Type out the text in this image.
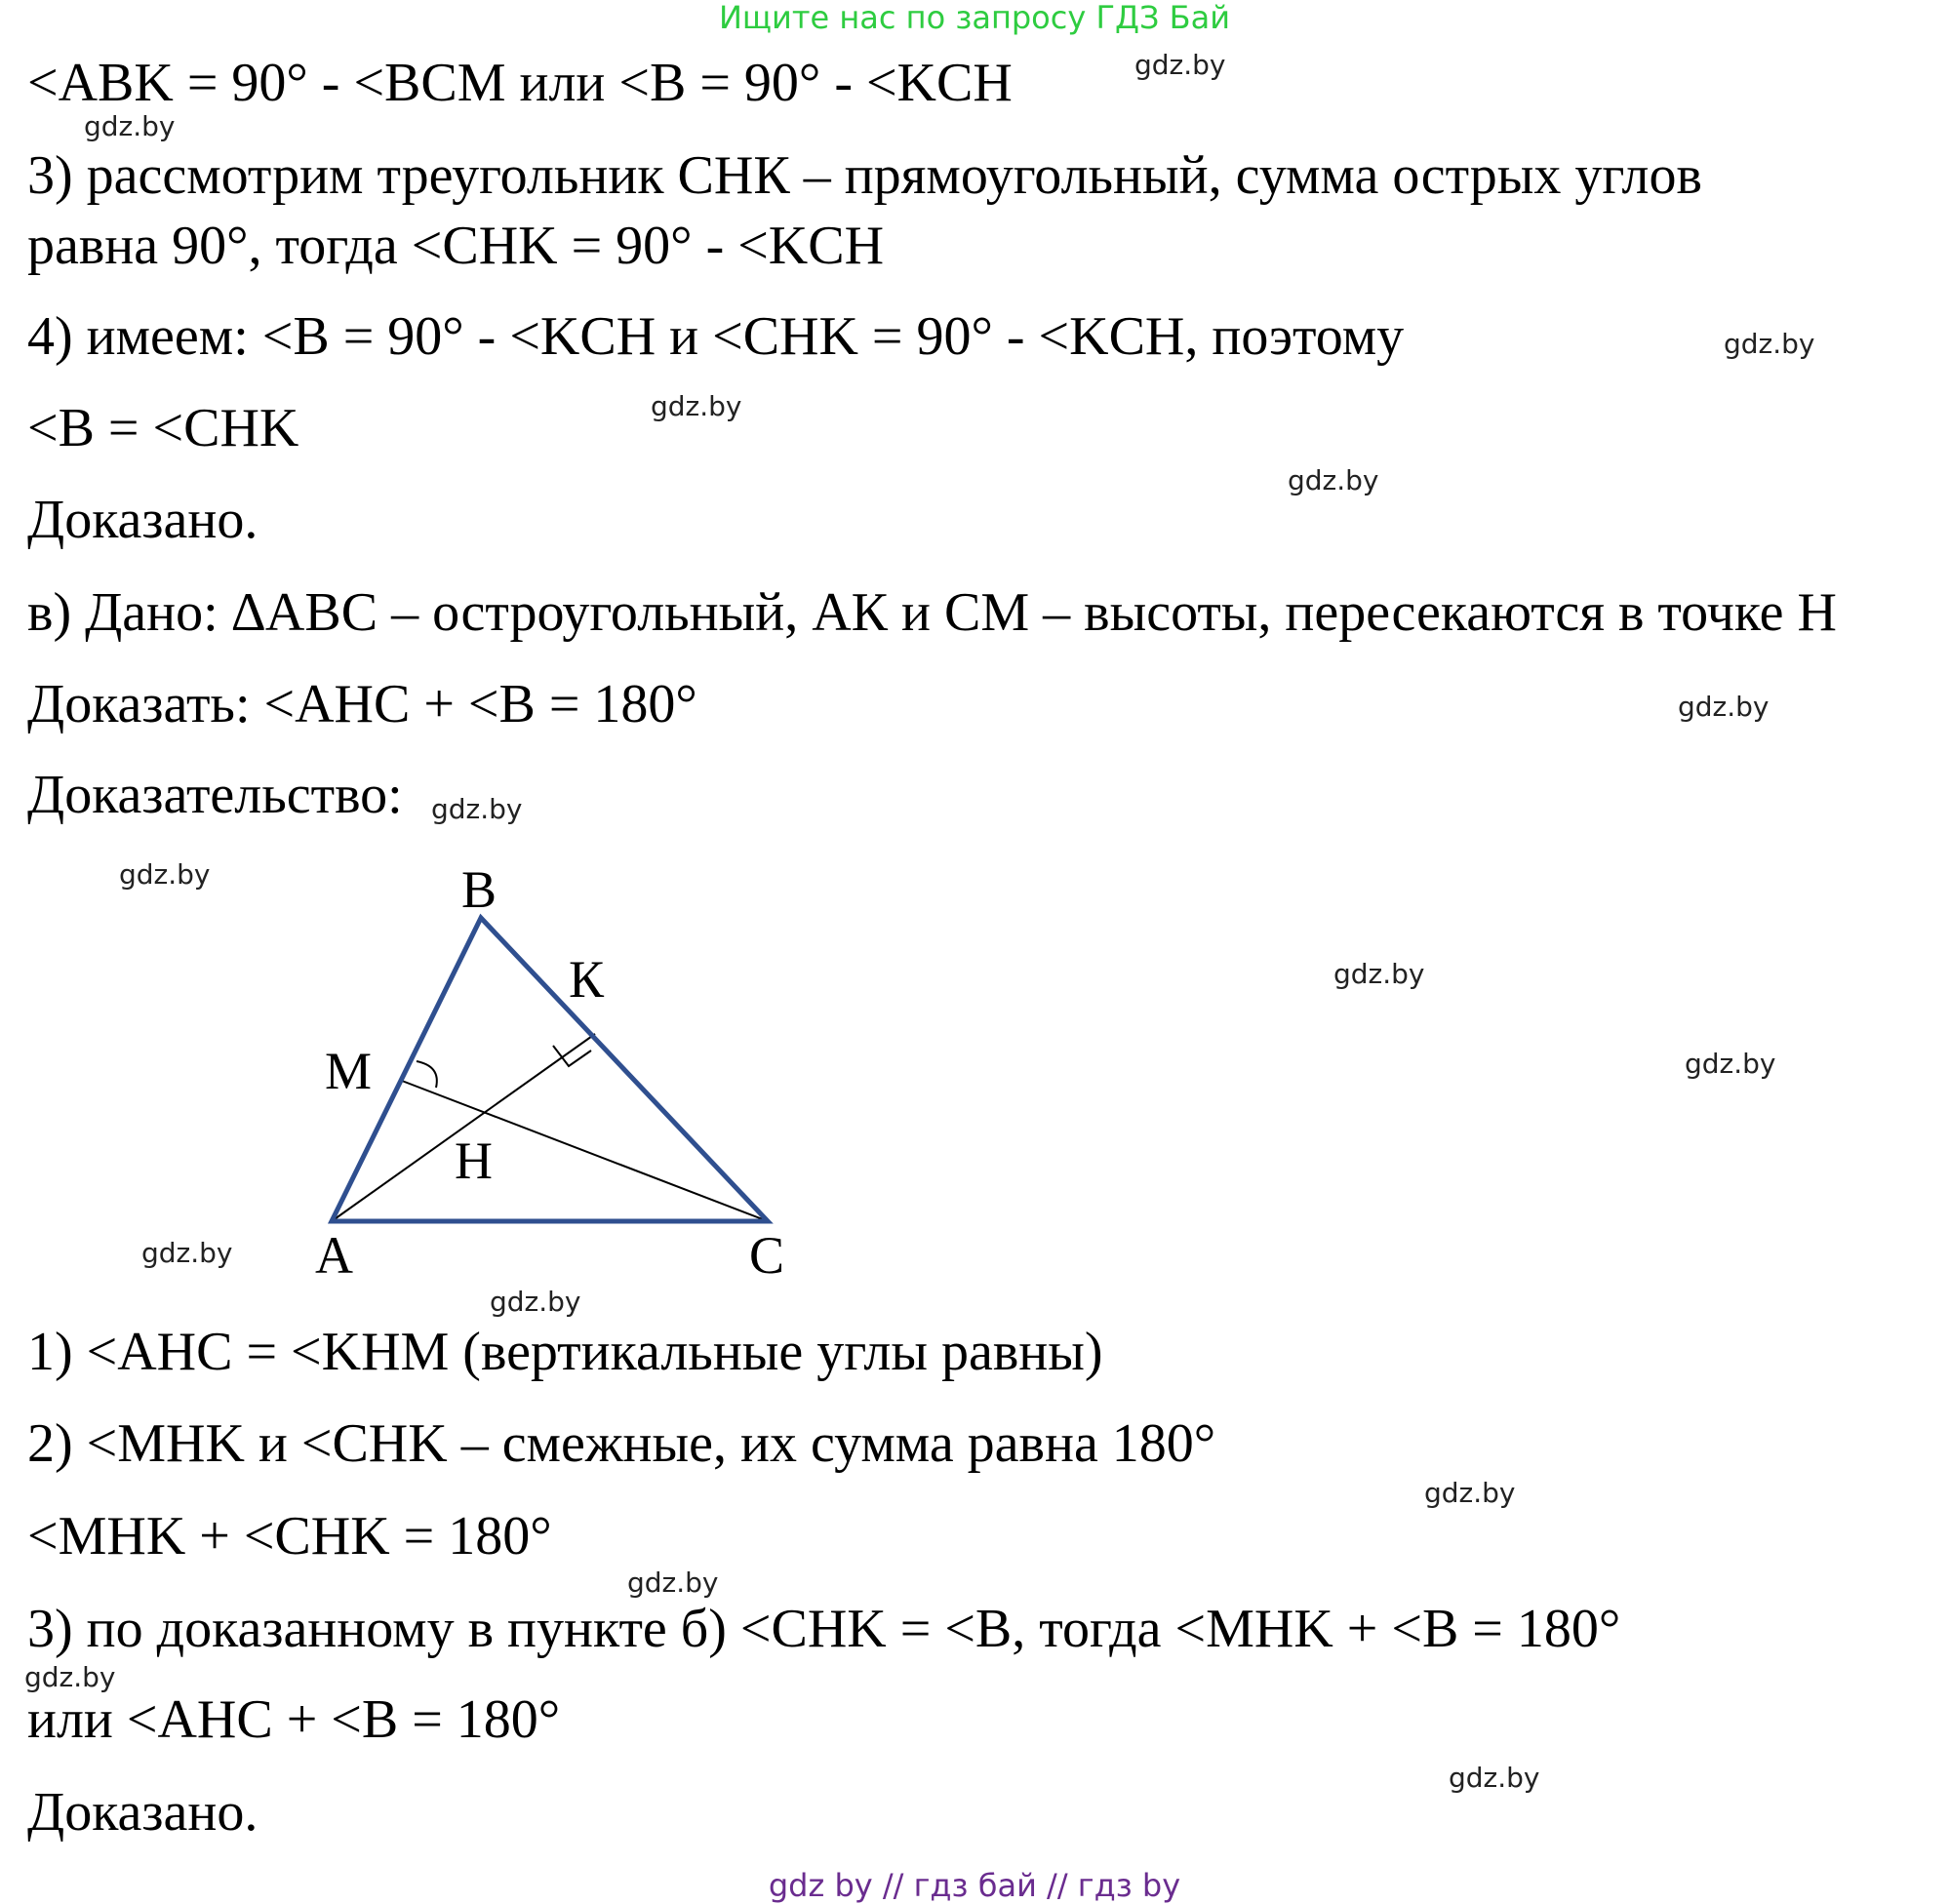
Ищите нас по запросу ГДЗ Бай
<ABK = 90° - <BCM или <B = 90° - <KCH
3) рассмотрим треугольник СНК – прямоугольный, сумма острых углов
равна 90°, тогда <CHK = 90° - <KCH
4) имеем: <B = 90° - <KCH и <CHK = 90° - <KCH, поэтому
<B = <CHK
Доказано.
в) Дано: ∆ABC – остроугольный, АК и СМ – высоты, пересекаются в точке Н
Доказать: <AHC + <B = 180°
Доказательство:
1) <AHC = <KHM (вертикальные углы равны)
2) <MHK и <CHK – смежные, их сумма равна 180°
<MHK + <CHK = 180°
3) по доказанному в пункте б) <CHK = <B, тогда <MHK + <B = 180°
или <AHC + <B = 180°
Доказано.
B
К
M
H
A	C
gdz.by
gdz.by
gdz.by
gdz.by
gdz.by
gdz.by
gdz.by
gdz.by
gdz.by
gdz.by
gdz.by
gdz.by
gdz.by
gdz.by
gdz.by
gdz.by
gdz by // гдз бай // гдз by
